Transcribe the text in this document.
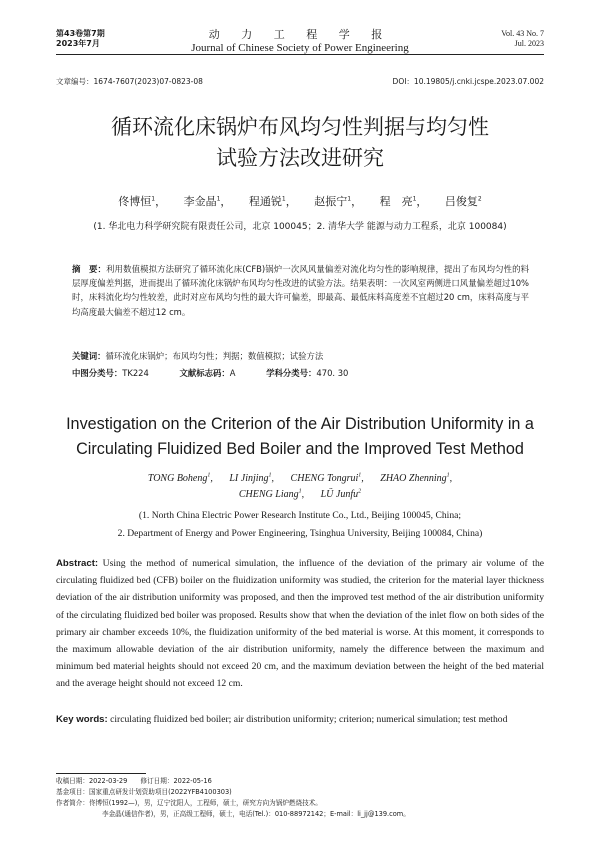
第43卷第7期
2023年7月
动 力 工 程 学 报
Journal of Chinese Society of Power Engineering
Vol. 43 No. 7
Jul. 2023
文章编号：1674-7607(2023)07-0823-08	DOI：10.19805/j.cnki.jcspe.2023.07.002
循环流化床锅炉布风均匀性判据与均匀性
试验方法改进研究
佟博恒$^1$， 李金晶$^1$， 程通锐$^1$， 赵振宁$^1$， 程　亮$^1$， 吕俊复$^2$
(1. 华北电力科学研究院有限责任公司，北京 100045；2. 清华大学 能源与动力工程系，北京 100084)
摘　要：利用数值模拟方法研究了循环流化床(CFB)锅炉一次风风量偏差对流化均匀性的影响规律，提出了布风均匀性的料层厚度偏差判据，进而提出了循环流化床锅炉布风均匀性改进的试验方法。结果表明：一次风室两侧进口风量偏差超过10%时，床料流化均匀性较差，此时对应布风均匀性的最大许可偏差，即最高、最低床料高度差不宜超过20 cm，床料高度与平均高度最大偏差不超过12 cm。
关键词：循环流化床锅炉；布风均匀性；判据；数值模拟；试验方法
中图分类号：TK224	文献标志码：A	学科分类号：470. 30
Investigation on the Criterion of the Air Distribution Uniformity in a Circulating Fluidized Bed Boiler and the Improved Test Method
TONG Boheng$^1$, LI Jinjing$^1$, CHENG Tongrui$^1$, ZHAO Zhenning$^1$,
CHENG Liang$^1$, LÜ Junfu$^2$
(1. North China Electric Power Research Institute Co., Ltd., Beijing 100045, China;
2. Department of Energy and Power Engineering, Tsinghua University, Beijing 100084, China)
Abstract: Using the method of numerical simulation, the influence of the deviation of the primary air volume of the circulating fluidized bed (CFB) boiler on the fluidization uniformity was studied, the criterion for the material layer thickness deviation of the air distribution uniformity was proposed, and then the improved test method of the air distribution uniformity of the circulating fluidized bed boiler was proposed. Results show that when the deviation of the inlet flow on both sides of the primary air chamber exceeds 10%, the fluidization uniformity of the bed material is worse. At this moment, it corresponds to the maximum allowable deviation of the air distribution uniformity, namely the difference between the maximum and minimum bed material heights should not exceed 20 cm, and the maximum deviation between the height of the bed material and the average height should not exceed 12 cm.
Key words: circulating fluidized bed boiler; air distribution uniformity; criterion; numerical simulation; test method
收稿日期：2022-03-29　　修订日期：2022-05-16
基金项目：国家重点研发计划资助项目(2022YFB4100303)
作者简介：佟博恒(1992—)，男，辽宁沈阳人，工程师，硕士，研究方向为锅炉燃烧技术。
李金晶(通信作者)，男，正高级工程师，硕士，电话(Tel.)：010-88972142；E-mail：li_jj@139.com。
